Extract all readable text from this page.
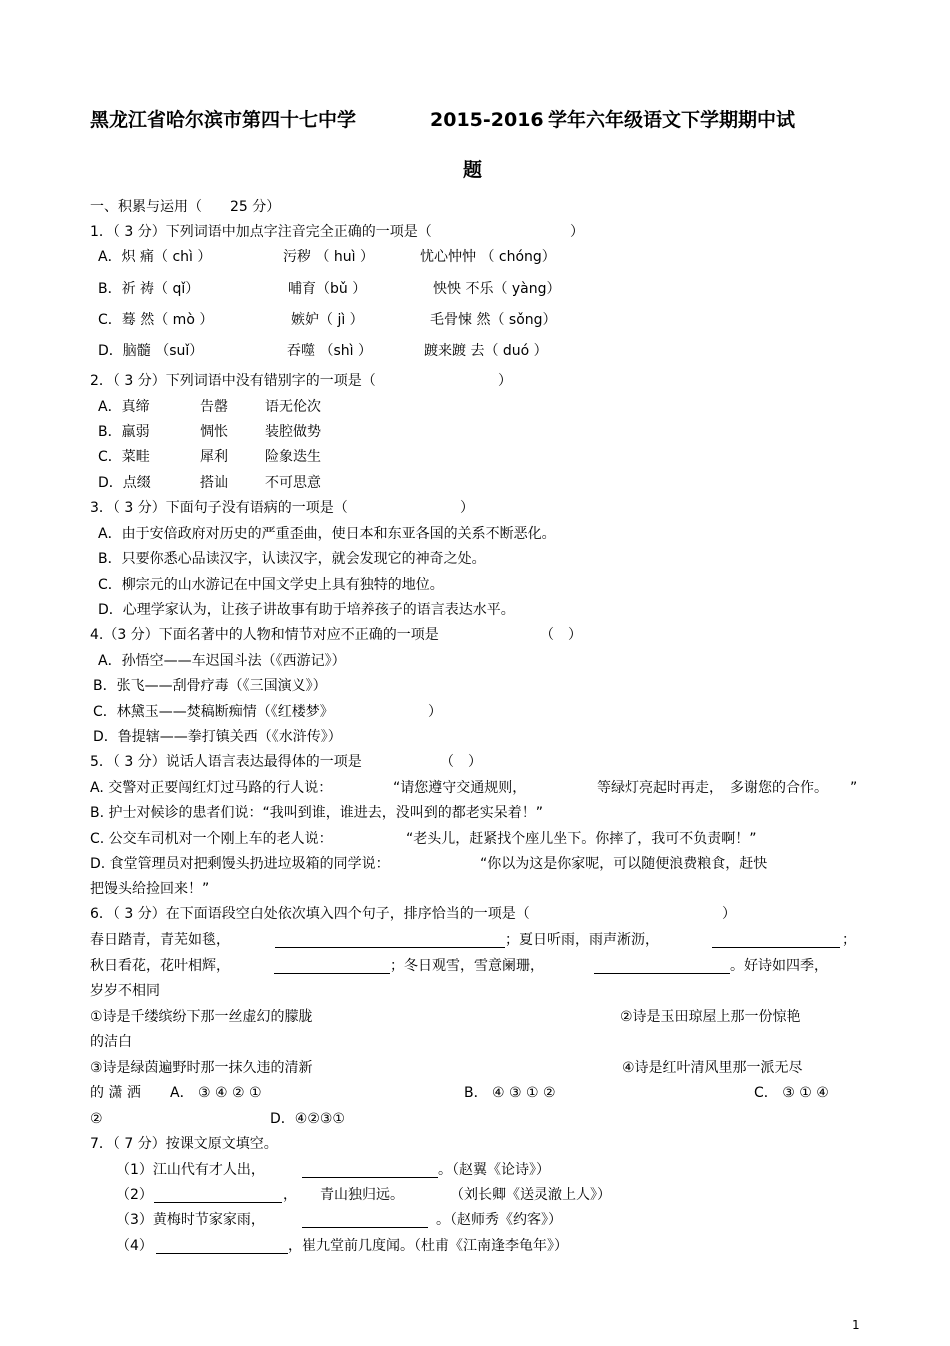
黑龙江省哈尔滨市第四十七中学	2015-2016 学年六年级语文下学期期中试
题
一、积累与运用（　　25 分）
1．（ 3 分）下列词语中加点字注音完全正确的一项是（	）
A．炽 痛（ chì ）	污秽 （ huì ）	忧心忡忡 （ chóng）
B．祈 祷（ qǐ）	哺育（bǔ ）	怏怏 不乐（ yàng）
C．蓦 然（ mò ）	嫉妒（ jì ）	毛骨悚 然（ sǒng）
D．脑髓 （suǐ）	吞噬 （shì ）	踱来踱 去（ duó ）
2．（ 3 分）下列词语中没有错别字的一项是（	）
A．真缔	告罄	语无伦次
B．羸弱	惆怅	装腔做势
C．菜畦	犀利	险象迭生
D．点缀	搭讪	不可思意
3．（ 3 分）下面句子没有语病的一项是（	）
A．由于安倍政府对历史的严重歪曲，使日本和东亚各国的关系不断恶化。
B．只要你悉心品读汉字，认读汉字，就会发现它的神奇之处。
C．柳宗元的山水游记在中国文学史上具有独特的地位。
D．心理学家认为，让孩子讲故事有助于培养孩子的语言表达水平。
4.（3 分）下面名著中的人物和情节对应不正确的一项是	（　）
A．孙悟空——车迟国斗法（《西游记》）
B．张飞——刮骨疗毒（《三国演义》）
C．林黛玉——焚稿断痴情（《红楼梦》	）
D．鲁提辖——拳打镇关西（《水浒传》）
5．（ 3 分）说话人语言表达最得体的一项是	（　）
A. 交警对正要闯红灯过马路的行人说：	“请您遵守交通规则，	等绿灯亮起时再走， 多谢您的合作。 ”
B. 护士对候诊的患者们说：“我叫到谁，谁进去，没叫到的都老实呆着！”
C. 公交车司机对一个刚上车的老人说：	“老头儿，赶紧找个座儿坐下。你摔了，我可不负责啊！”
D. 食堂管理员对把剩馒头扔进垃圾箱的同学说：	“你以为这是你家呢，可以随便浪费粮食，赶快
把馒头给捡回来！”
6．（ 3 分）在下面语段空白处依次填入四个句子，排序恰当的一项是（	）
春日踏青，青芜如毯，	；夏日听雨，雨声淅沥，	；
秋日看花，花叶相辉，	；冬日观雪，雪意阑珊，	。好诗如四季，
岁岁不相同
①诗是千缕缤纷下那一丝虚幻的朦胧	②诗是玉田琼屋上那一份惊艳
的洁白
③诗是绿茵遍野时那一抹久违的清新	④诗是红叶清风里那一派无尽
的 潇 洒 A． ③ ④ ② ①	B． ④ ③ ① ②	C． ③ ① ④
②	D．④②③①
7．（ 7 分）按课文原文填空。
（1）江山代有才人出，	。（赵翼《论诗》）
（2）	， 青山独归远。	（刘长卿《送灵澈上人》）
（3）黄梅时节家家雨，	。（赵师秀《约客》）
（4）	，崔九堂前几度闻。（杜甫《江南逢李龟年》）
1
